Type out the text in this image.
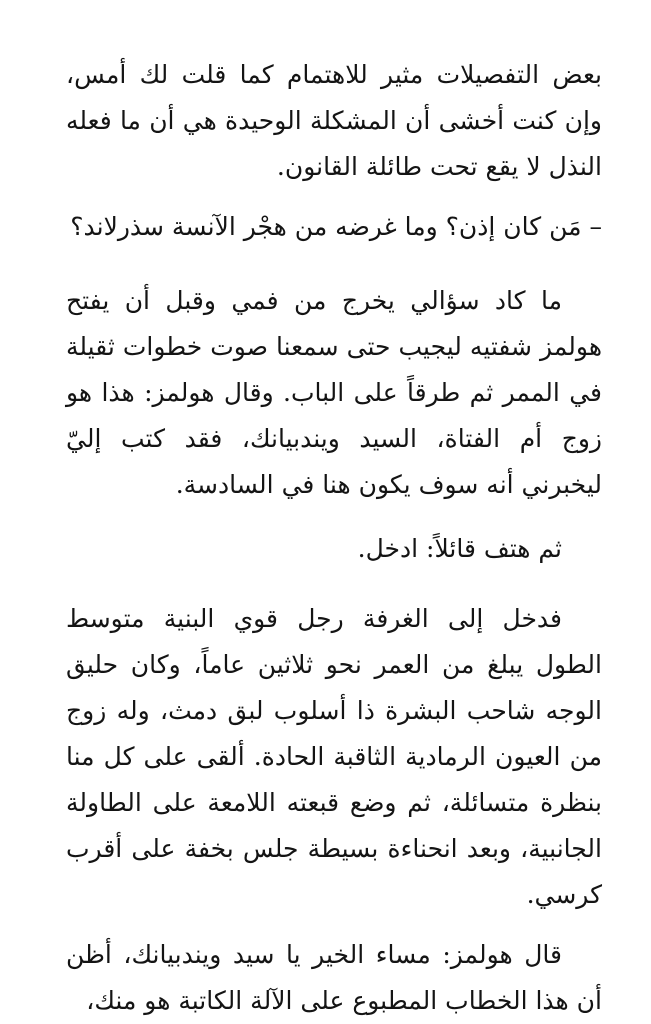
بعض التفصيلات مثير للاهتمام كما قلت لك أمس، وإن كنت أخشى أن المشكلة الوحيدة هي أن ما فعله النذل لا يقع تحت طائلة القانون.

– مَن كان إذن؟ وما غرضه من هجْر الآنسة سذرلاند؟

ما كاد سؤالي يخرج من فمي وقبل أن يفتح هولمز شفتيه ليجيب حتى سمعنا صوت خطوات ثقيلة في الممر ثم طرقاً على الباب. وقال هولمز: هذا هو زوج أم الفتاة، السيد ويندبيانك، فقد كتب إليّ ليخبرني أنه سوف يكون هنا في السادسة.

ثم هتف قائلاً: ادخل.

فدخل إلى الغرفة رجل قوي البنية متوسط الطول يبلغ من العمر نحو ثلاثين عاماً، وكان حليق الوجه شاحب البشرة ذا أسلوب لبق دمث، وله زوج من العيون الرمادية الثاقبة الحادة. ألقى على كل منا بنظرة متسائلة، ثم وضع قبعته اللامعة على الطاولة الجانبية، وبعد انحناءة بسيطة جلس بخفة على أقرب كرسي.

قال هولمز: مساء الخير يا سيد ويندبيانك، أظن أن هذا الخطاب المطبوع على الآلة الكاتبة هو منك،
